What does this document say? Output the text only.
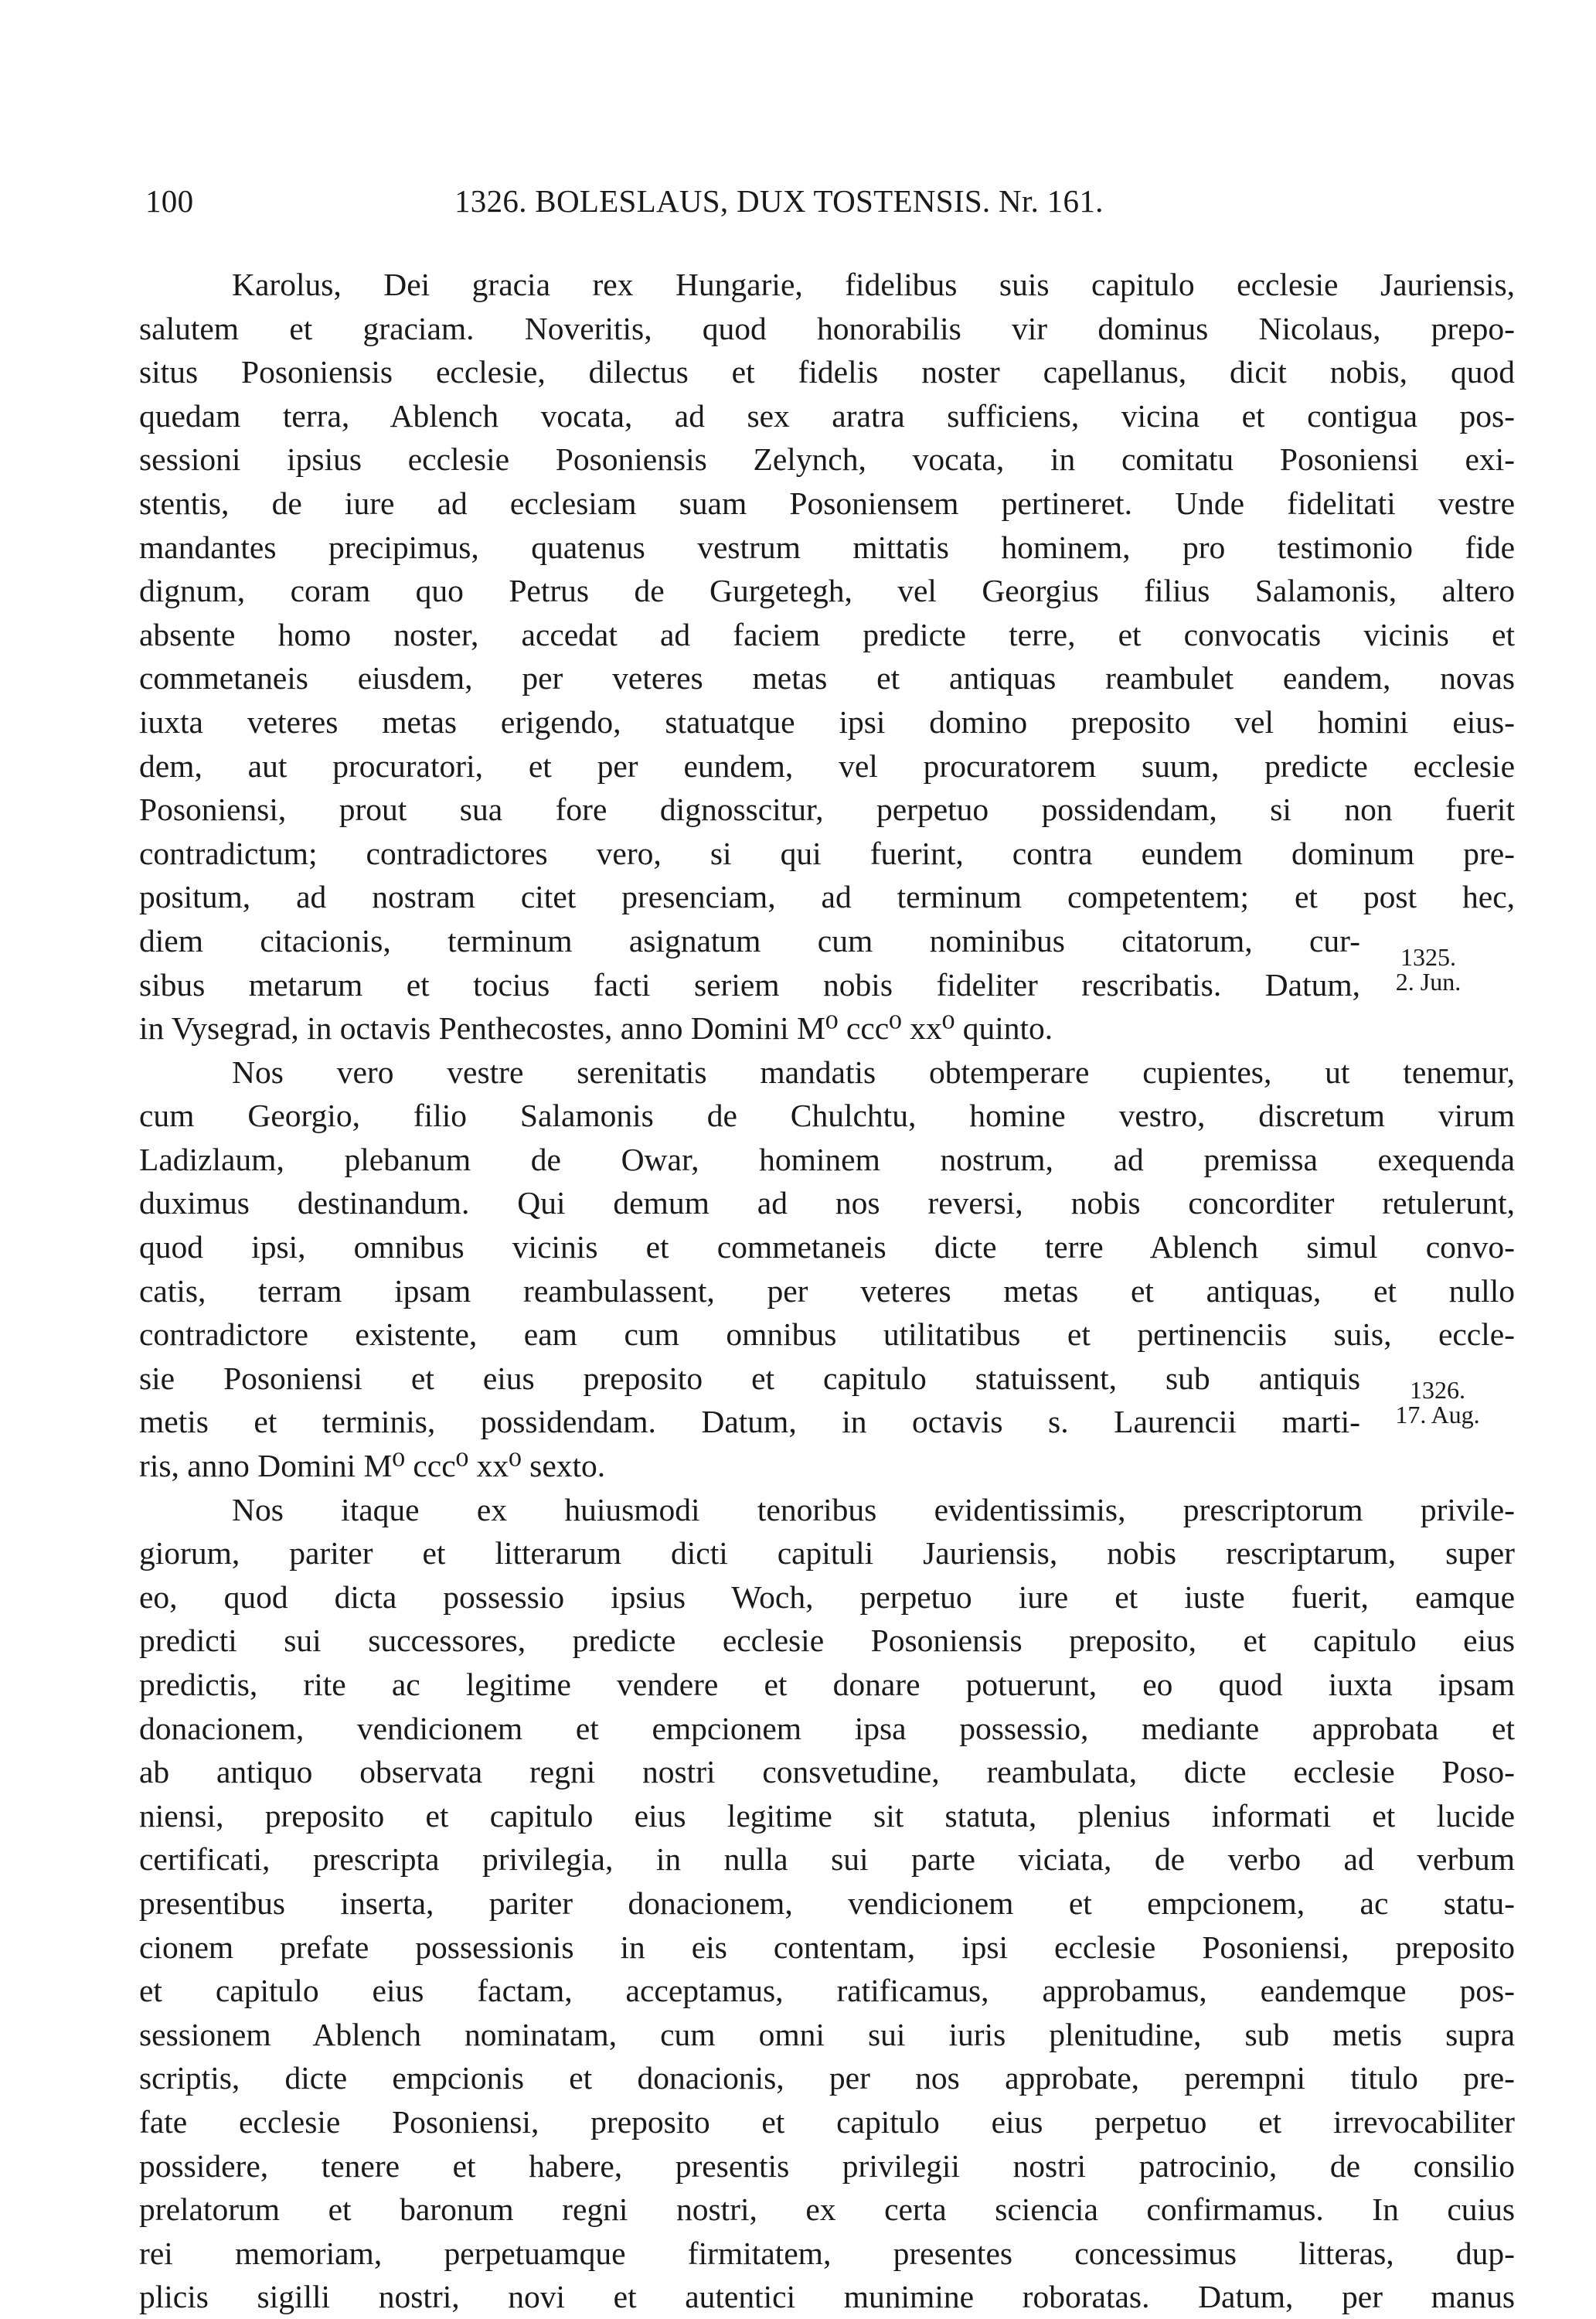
100	1326. BOLESLAUS, DUX TOSTENSIS. Nr. 161.
Karolus, Dei gracia rex Hungarie, fidelibus suis capitulo ecclesie Jauriensis,
salutem et graciam. Noveritis, quod honorabilis vir dominus Nicolaus, prepo-
situs Posoniensis ecclesie, dilectus et fidelis noster capellanus, dicit nobis, quod
quedam terra, Ablench vocata, ad sex aratra sufficiens, vicina et contigua pos-
sessioni ipsius ecclesie Posoniensis Zelynch, vocata, in comitatu Posoniensi exi-
stentis, de iure ad ecclesiam suam Posoniensem pertineret. Unde fidelitati vestre
mandantes precipimus, quatenus vestrum mittatis hominem, pro testimonio fide
dignum, coram quo Petrus de Gurgetegh, vel Georgius filius Salamonis, altero
absente homo noster, accedat ad faciem predicte terre, et convocatis vicinis et
commetaneis eiusdem, per veteres metas et antiquas reambulet eandem, novas
iuxta veteres metas erigendo, statuatque ipsi domino preposito vel homini eius-
dem, aut procuratori, et per eundem, vel procuratorem suum, predicte ecclesie
Posoniensi, prout sua fore dignosscitur, perpetuo possidendam, si non fuerit
contradictum; contradictores vero, si qui fuerint, contra eundem dominum pre-
positum, ad nostram citet presenciam, ad terminum competentem; et post hec,
diem citacionis, terminum asignatum cum nominibus citatorum, cur-
sibus metarum et tocius facti seriem nobis fideliter rescribatis. Datum,
in Vysegrad, in octavis Penthecostes, anno Domini M⁰ ccc⁰ xx⁰ quinto.
Nos vero vestre serenitatis mandatis obtemperare cupientes, ut tenemur,
cum Georgio, filio Salamonis de Chulchtu, homine vestro, discretum virum
Ladizlaum, plebanum de Owar, hominem nostrum, ad premissa exequenda
duximus destinandum. Qui demum ad nos reversi, nobis concorditer retulerunt,
quod ipsi, omnibus vicinis et commetaneis dicte terre Ablench simul convo-
catis, terram ipsam reambulassent, per veteres metas et antiquas, et nullo
contradictore existente, eam cum omnibus utilitatibus et pertinenciis suis, eccle-
sie Posoniensi et eius preposito et capitulo statuissent, sub antiquis
metis et terminis, possidendam. Datum, in octavis s. Laurencii marti-
ris, anno Domini M⁰ ccc⁰ xx⁰ sexto.
Nos itaque ex huiusmodi tenoribus evidentissimis, prescriptorum privile-
giorum, pariter et litterarum dicti capituli Jauriensis, nobis rescriptarum, super
eo, quod dicta possessio ipsius Woch, perpetuo iure et iuste fuerit, eamque
predicti sui successores, predicte ecclesie Posoniensis preposito, et capitulo eius
predictis, rite ac legitime vendere et donare potuerunt, eo quod iuxta ipsam
donacionem, vendicionem et empcionem ipsa possessio, mediante approbata et
ab antiquo observata regni nostri consvetudine, reambulata, dicte ecclesie Poso-
niensi, preposito et capitulo eius legitime sit statuta, plenius informati et lucide
certificati, prescripta privilegia, in nulla sui parte viciata, de verbo ad verbum
presentibus inserta, pariter donacionem, vendicionem et empcionem, ac statu-
cionem prefate possessionis in eis contentam, ipsi ecclesie Posoniensi, preposito
et capitulo eius factam, acceptamus, ratificamus, approbamus, eandemque pos-
sessionem Ablench nominatam, cum omni sui iuris plenitudine, sub metis supra
scriptis, dicte empcionis et donacionis, per nos approbate, perempni titulo pre-
fate ecclesie Posoniensi, preposito et capitulo eius perpetuo et irrevocabiliter
possidere, tenere et habere, presentis privilegii nostri patrocinio, de consilio
prelatorum et baronum regni nostri, ex certa sciencia confirmamus. In cuius
rei memoriam, perpetuamque firmitatem, presentes concessimus litteras, dup-
plicis sigilli nostri, novi et autentici munimine roboratas. Datum, per manus
1325.
2. Jun.
1326.
17. Aug.
